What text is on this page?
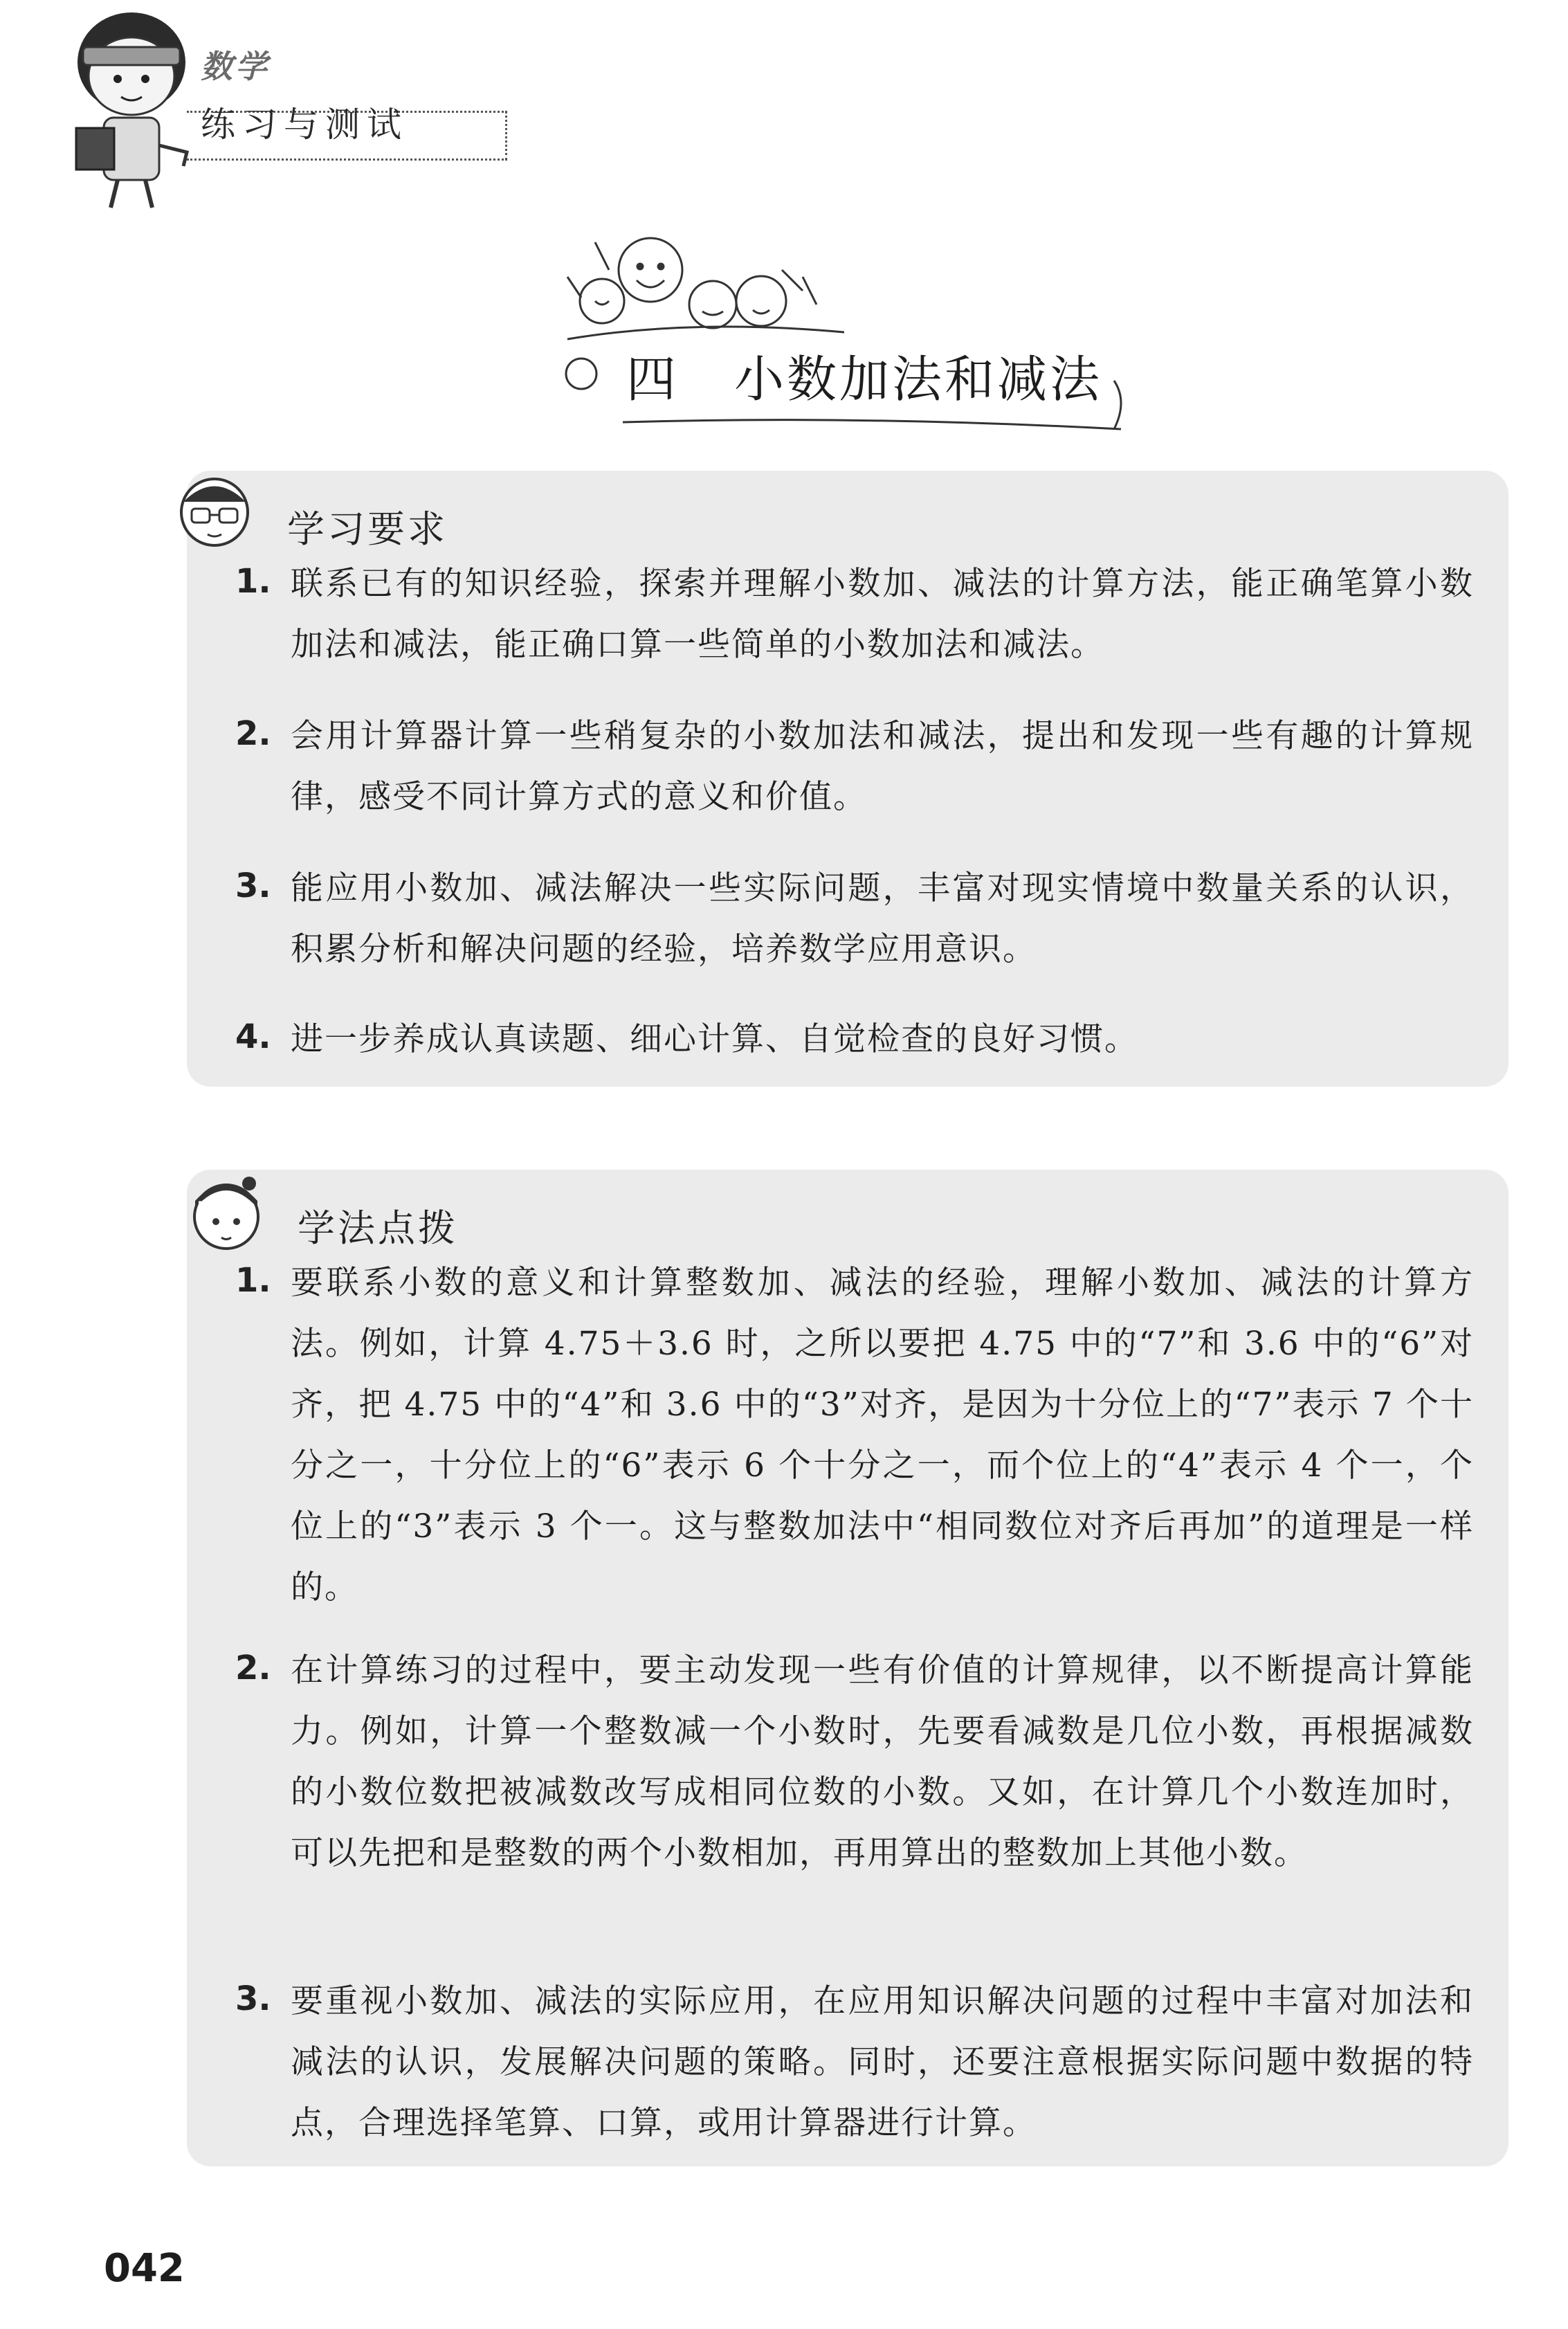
数学
练习与测试
四 小数加法和减法
学习要求
1. 联系已有的知识经验，探索并理解小数加、减法的计算方法，能正确笔算小数加法和减法，能正确口算一些简单的小数加法和减法。
2. 会用计算器计算一些稍复杂的小数加法和减法，提出和发现一些有趣的计算规律，感受不同计算方式的意义和价值。
3. 能应用小数加、减法解决一些实际问题，丰富对现实情境中数量关系的认识，积累分析和解决问题的经验，培养数学应用意识。
4. 进一步养成认真读题、细心计算、自觉检查的良好习惯。
学法点拨
1. 要联系小数的意义和计算整数加、减法的经验，理解小数加、减法的计算方法。例如，计算 4.75＋3.6 时，之所以要把 4.75 中的“7”和 3.6 中的“6”对齐，把 4.75 中的“4”和 3.6 中的“3”对齐，是因为十分位上的“7”表示 7 个十分之一，十分位上的“6”表示 6 个十分之一，而个位上的“4”表示 4 个一，个位上的“3”表示 3 个一。这与整数加法中“相同数位对齐后再加”的道理是一样的。
2. 在计算练习的过程中，要主动发现一些有价值的计算规律，以不断提高计算能力。例如，计算一个整数减一个小数时，先要看减数是几位小数，再根据减数的小数位数把被减数改写成相同位数的小数。又如，在计算几个小数连加时，可以先把和是整数的两个小数相加，再用算出的整数加上其他小数。
3. 要重视小数加、减法的实际应用，在应用知识解决问题的过程中丰富对加法和减法的认识，发展解决问题的策略。同时，还要注意根据实际问题中数据的特点，合理选择笔算、口算，或用计算器进行计算。
042
